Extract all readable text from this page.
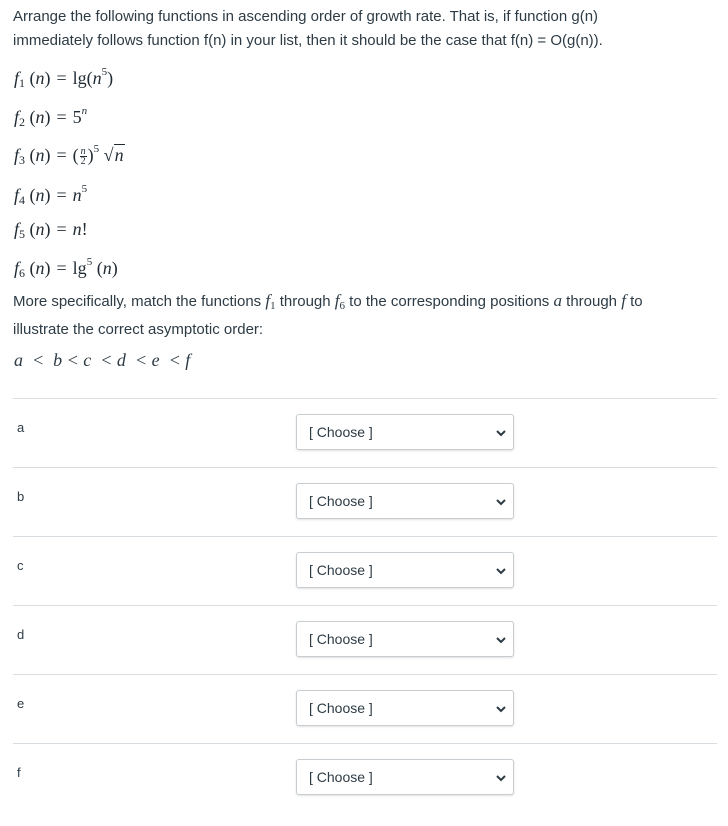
Arrange the following functions in ascending order of growth rate. That is, if function g(n)
immediately follows function f(n) in your list, then it should be the case that f(n) = O(g(n)).
$f_1$ $(n) = \lg(n^5)$
$f_2$ $(n) = 5^n$
$f_3$ (n) = ( $\frac{n}{2} )^5$ √n
$f_4$ $(n) = n^5$
$f_5$ (n) = n!
$f_6$ $(n) = \lg^5 (n)$
More specifically, match the functions f1 through f6 to the corresponding positions a through f to
illustrate the correct asymptotic order:
a  <  b < c  < d  < e  < f
a	[ Choose ]
b	[ Choose ]
c	[ Choose ]
d	[ Choose ]
e	[ Choose ]
f	[ Choose ]
